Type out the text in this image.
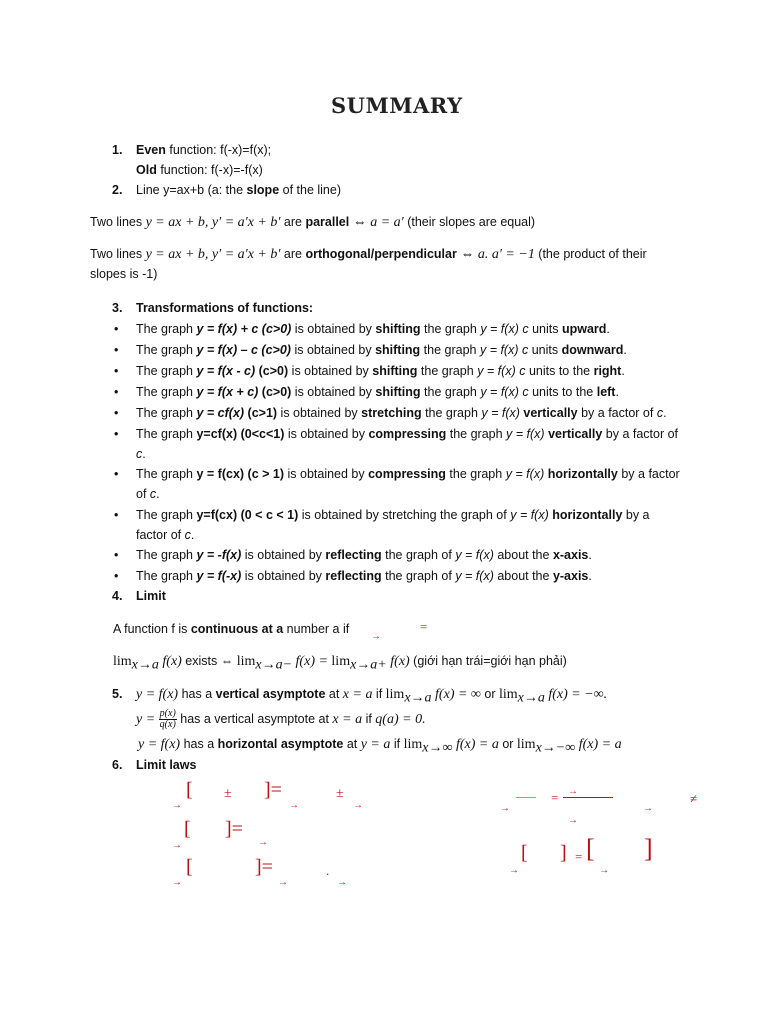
SUMMARY
1. Even function: f(-x)=f(x);
Old function: f(-x)=-f(x)
2. Line y=ax+b (a: the slope of the line)
Two lines y = ax + b, y′ = a′x + b′ are parallel ⇔ a = a′ (their slopes are equal)
Two lines y = ax + b, y′ = a′x + b′ are orthogonal/perpendicular ⇔ a. a′ = −1 (the product of their
slopes is -1)
3. Transformations of functions:
• The graph y = f(x) + c (c>0) is obtained by shifting the graph y = f(x) c units upward.
• The graph y = f(x) – c (c>0) is obtained by shifting the graph y = f(x) c units downward.
• The graph y = f(x - c) (c>0) is obtained by shifting the graph y = f(x) c units to the right.
• The graph y = f(x + c) (c>0) is obtained by shifting the graph y = f(x) c units to the left.
• The graph y = cf(x) (c>1) is obtained by stretching the graph y = f(x) vertically by a factor of c.
• The graph y=cf(x) (0<c<1) is obtained by compressing the graph y = f(x) vertically by a factor of
c.
• The graph y = f(cx) (c > 1) is obtained by compressing the graph y = f(x) horizontally by a factor
of c.
• The graph y=f(cx) (0 < c < 1) is obtained by stretching the graph of y = f(x) horizontally by a
factor of c.
• The graph y = -f(x) is obtained by reflecting the graph of y = f(x) about the x-axis.
• The graph y = f(-x) is obtained by reflecting the graph of y = f(x) about the y-axis.
4. Limit
A function f is continuous at a number a if
→
=
$\lim_{x\to a} f(x)$ exists ⇔ $\lim_{x\to a-} f(x) = \lim_{x\to a+} f(x)$ (giới hạn trái=giới hạn phải)
5. y = f(x) has a vertical asymptote at x = a if $\lim_{x\to a} f(x)$ = ∞ or $\lim_{x\to a} f(x)$ = −∞.
$y = \frac{p(x)}{q(x)}$ has a vertical asymptote at x = a if q(a) = 0.
y = f(x) has a horizontal asymptote at y = a if $\lim_{x\to\infty} f(x) = a$ or $\lim_{x\to-\infty} f(x) = a$
6. Limit laws
→
[ ± ]=
→
±
→	→
—— = →
→
→
≠
→
[ ]=
→
→
[	]=
→
.
→
→
[ ] = [
→
]
